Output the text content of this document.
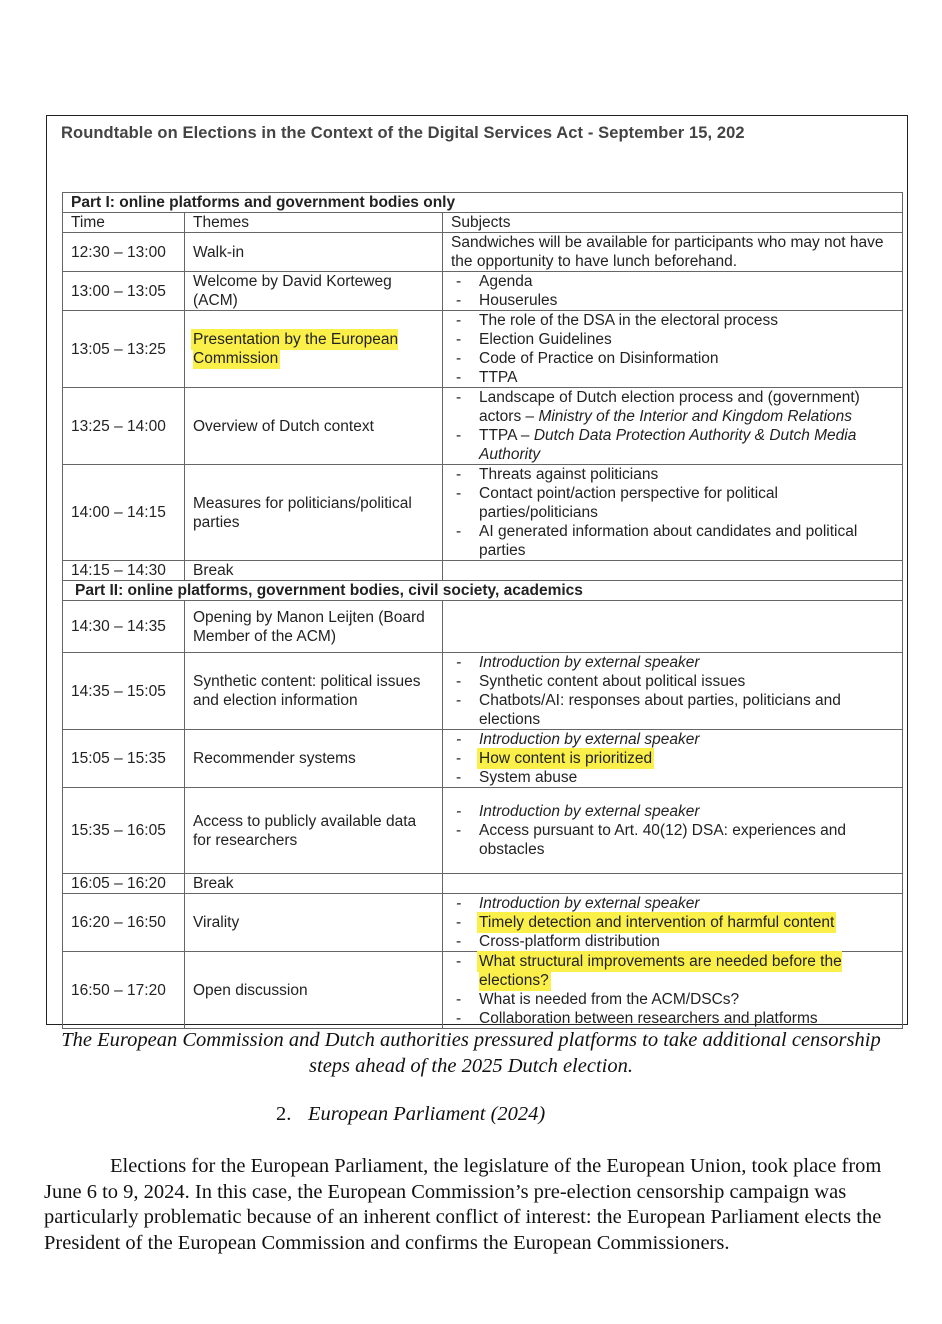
Roundtable on Elections in the Context of the Digital Services Act - September 15, 202
Part I: online platforms and government bodies only		
Time	Themes	Subjects
12:30 – 13:00	Walk-in	Sandwiches will be available for participants who may not have the opportunity to have lunch beforehand.
13:00 – 13:05	Welcome by David Korteweg (ACM)	
- Agenda
- Houserules

13:05 – 13:25	Presentation by the European Commission	
- The role of the DSA in the electoral process
- Election Guidelines
- Code of Practice on Disinformation
- TTPA

13:25 – 14:00	Overview of Dutch context	
- Landscape of Dutch election process and (government) actors – Ministry of the Interior and Kingdom Relations
- TTPA – Dutch Data Protection Authority & Dutch Media Authority

14:00 – 14:15	Measures for politicians/political parties	
- Threats against politicians
- Contact point/action perspective for political parties/politicians
- AI generated information about candidates and political parties

14:15 – 14:30	Break	
Part II: online platforms, government bodies, civil society, academics		
14:30 – 14:35	Opening by Manon Leijten (Board Member of the ACM)	
14:35 – 15:05	Synthetic content: political issues and election information	
- Introduction by external speaker
- Synthetic content about political issues
- Chatbots/AI: responses about parties, politicians and elections

15:05 – 15:35	Recommender systems	
- Introduction by external speaker
- How content is prioritized
- System abuse

15:35 – 16:05	Access to publicly available data for researchers	
- Introduction by external speaker
- Access pursuant to Art. 40(12) DSA: experiences and obstacles

16:05 – 16:20	Break	
16:20 – 16:50	Virality	
- Introduction by external speaker
- Timely detection and intervention of harmful content
- Cross-platform distribution

16:50 – 17:20	Open discussion	
- What structural improvements are needed before the elections?
- What is needed from the ACM/DSCs?
- Collaboration between researchers and platforms
The European Commission and Dutch authorities pressured platforms to take additional censorship steps ahead of the 2025 Dutch election.
2. European Parliament (2024)

Elections for the European Parliament, the legislature of the European Union, took place from June 6 to 9, 2024. In this case, the European Commission’s pre-election censorship campaign was particularly problematic because of an inherent conflict of interest: the European Parliament elects the President of the European Commission and confirms the European Commissioners.
